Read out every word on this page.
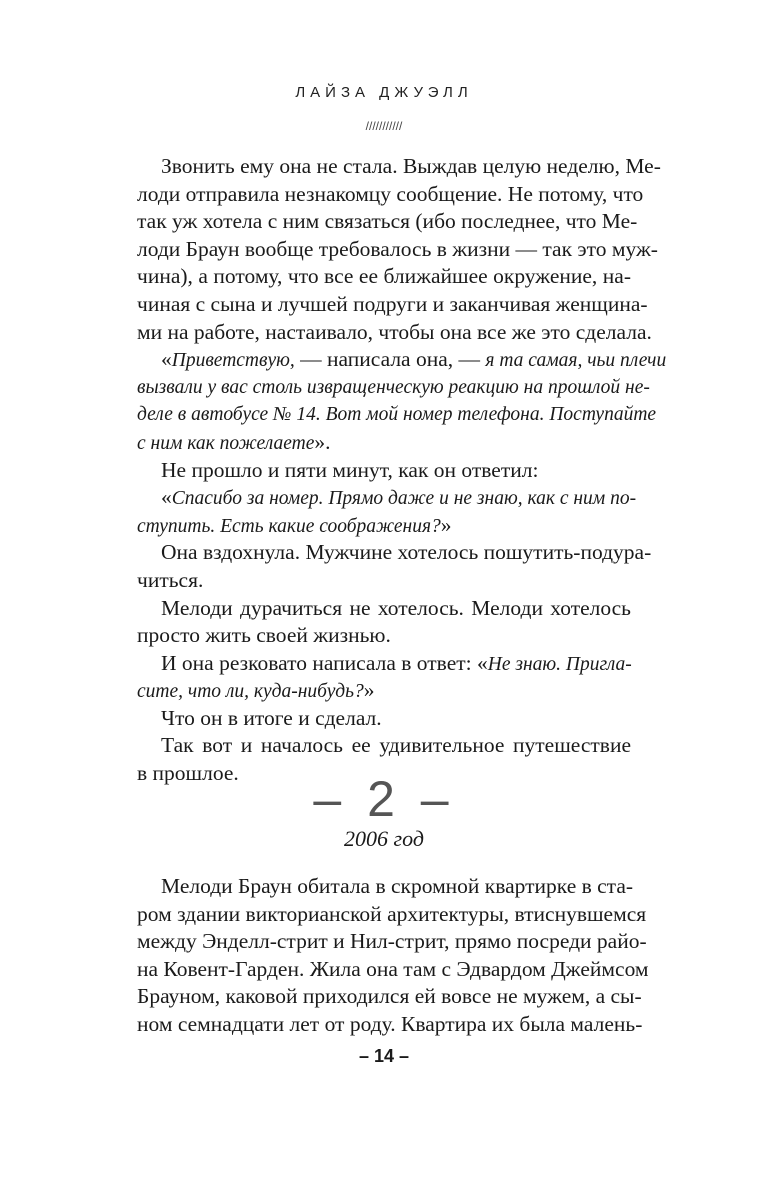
ЛАЙЗА ДЖУЭЛЛ
///////////
Звонить ему она не стала. Выждав целую неделю, Ме-
лоди отправила незнакомцу сообщение. Не потому, что
так уж хотела с ним связаться (ибо последнее, что Ме-
лоди Браун вообще требовалось в жизни — так это муж-
чина), а потому, что все ее ближайшее окружение, на-
чиная с сына и лучшей подруги и заканчивая женщина-
ми на работе, настаивало, чтобы она все же это сделала.
«Приветствую, — написала она, — я та самая, чьи плечи
вызвали у вас столь извращенческую реакцию на прошлой не-
деле в автобусе № 14. Вот мой номер телефона. Поступайте
с ним как пожелаете».
Не прошло и пяти минут, как он ответил:
«Спасибо за номер. Прямо даже и не знаю, как с ним по-
ступить. Есть какие соображения?»
Она вздохнула. Мужчине хотелось пошутить-подура-
читься.
Мелоди дурачиться не хотелось. Мелоди хотелось
просто жить своей жизнью.
И она резковато написала в ответ: «Не знаю. Пригла-
сите, что ли, куда-нибудь?»
Что он в итоге и сделал.
Так вот и началось ее удивительное путешествие
в прошлое.	– 2 –
2006 год
Мелоди Браун обитала в скромной квартирке в ста-
ром здании викторианской архитектуры, втиснувшемся
между Энделл-стрит и Нил-стрит, прямо посреди райо-
на Ковент-Гарден. Жила она там с Эдвардом Джеймсом
Брауном, каковой приходился ей вовсе не мужем, а сы-
ном семнадцати лет от роду. Квартира их была малень-
– 14 –
